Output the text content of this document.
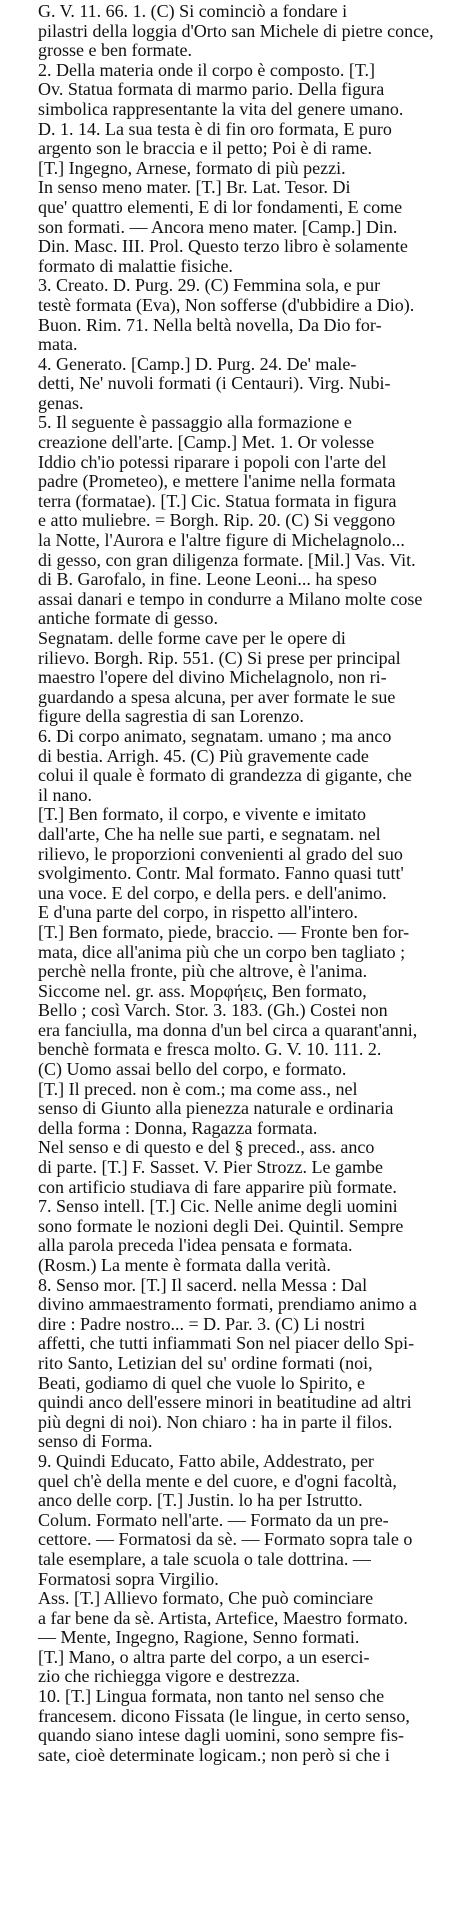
G. V. 11. 66. 1. (C) Si cominciò a fondare i
pilastri della loggia d'Orto san Michele di pietre conce,
grosse e ben formate.
2. Della materia onde il corpo è composto. [T.]
Ov. Statua formata di marmo pario. Della figura
simbolica rappresentante la vita del genere umano.
D. 1. 14. La sua testa è di fin oro formata, E puro
argento son le braccia e il petto; Poi è di rame.
[T.] Ingegno, Arnese, formato di più pezzi.
In senso meno mater. [T.] Br. Lat. Tesor. Di
que' quattro elementi, E di lor fondamenti, E come
son formati. — Ancora meno mater. [Camp.] Din.
Din. Masc. III. Prol. Questo terzo libro è solamente
formato di malattie fisiche.
3. Creato. D. Purg. 29. (C) Femmina sola, e pur
testè formata (Eva), Non sofferse (d'ubbidire a Dio).
Buon. Rim. 71. Nella beltà novella, Da Dio for-
mata.
4. Generato. [Camp.] D. Purg. 24. De' male-
detti, Ne' nuvoli formati (i Centauri). Virg. Nubi-
genas.
5. Il seguente è passaggio alla formazione e
creazione dell'arte. [Camp.] Met. 1. Or volesse
Iddio ch'io potessi riparare i popoli con l'arte del
padre (Prometeo), e mettere l'anime nella formata
terra (formatae). [T.] Cic. Statua formata in figura
e atto muliebre. = Borgh. Rip. 20. (C) Si veggono
la Notte, l'Aurora e l'altre figure di Michelagnolo...
di gesso, con gran diligenza formate. [Mil.] Vas. Vit.
di B. Garofalo, in fine. Leone Leoni... ha speso
assai danari e tempo in condurre a Milano molte cose
antiche formate di gesso.
Segnatam. delle forme cave per le opere di
rilievo. Borgh. Rip. 551. (C) Si prese per principal
maestro l'opere del divino Michelagnolo, non ri-
guardando a spesa alcuna, per aver formate le sue
figure della sagrestia di san Lorenzo.
6. Di corpo animato, segnatam. umano ; ma anco
di bestia. Arrigh. 45. (C) Più gravemente cade
colui il quale è formato di grandezza di gigante, che
il nano.
[T.] Ben formato, il corpo, e vivente e imitato
dall'arte, Che ha nelle sue parti, e segnatam. nel
rilievo, le proporzioni convenienti al grado del suo
svolgimento. Contr. Mal formato. Fanno quasi tutt'
una voce. E del corpo, e della pers. e dell'animo.
E d'una parte del corpo, in rispetto all'intero.
[T.] Ben formato, piede, braccio. — Fronte ben for-
mata, dice all'anima più che un corpo ben tagliato ;
perchè nella fronte, più che altrove, è l'anima.
Siccome nel. gr. ass. Μορφήεις, Ben formato,
Bello ; così Varch. Stor. 3. 183. (Gh.) Costei non
era fanciulla, ma donna d'un bel circa a quarant'anni,
benchè formata e fresca molto. G. V. 10. 111. 2.
(C) Uomo assai bello del corpo, e formato.
[T.] Il preced. non è com.; ma come ass., nel
senso di Giunto alla pienezza naturale e ordinaria
della forma : Donna, Ragazza formata.
Nel senso e di questo e del § preced., ass. anco
di parte. [T.] F. Sasset. V. Pier Strozz. Le gambe
con artificio studiava di fare apparire più formate.
7. Senso intell. [T.] Cic. Nelle anime degli uomini
sono formate le nozioni degli Dei. Quintil. Sempre
alla parola preceda l'idea pensata e formata.
(Rosm.) La mente è formata dalla verità.
8. Senso mor. [T.] Il sacerd. nella Messa : Dal
divino ammaestramento formati, prendiamo animo a
dire : Padre nostro... = D. Par. 3. (C) Li nostri
affetti, che tutti infiammati Son nel piacer dello Spi-
rito Santo, Letizian del su' ordine formati (noi,
Beati, godiamo di quel che vuole lo Spirito, e
quindi anco dell'essere minori in beatitudine ad altri
più degni di noi). Non chiaro : ha in parte il filos.
senso di Forma.
9. Quindi Educato, Fatto abile, Addestrato, per
quel ch'è della mente e del cuore, e d'ogni facoltà,
anco delle corp. [T.] Justin. lo ha per Istrutto.
Colum. Formato nell'arte. — Formato da un pre-
cettore. — Formatosi da sè. — Formato sopra tale o
tale esemplare, a tale scuola o tale dottrina. —
Formatosi sopra Virgilio.
Ass. [T.] Allievo formato, Che può cominciare
a far bene da sè. Artista, Artefice, Maestro formato.
— Mente, Ingegno, Ragione, Senno formati.
[T.] Mano, o altra parte del corpo, a un eserci-
zio che richiegga vigore e destrezza.
10. [T.] Lingua formata, non tanto nel senso che
francesem. dicono Fissata (le lingue, in certo senso,
quando siano intese dagli uomini, sono sempre fis-
sate, cioè determinate logicam.; non però si che i
